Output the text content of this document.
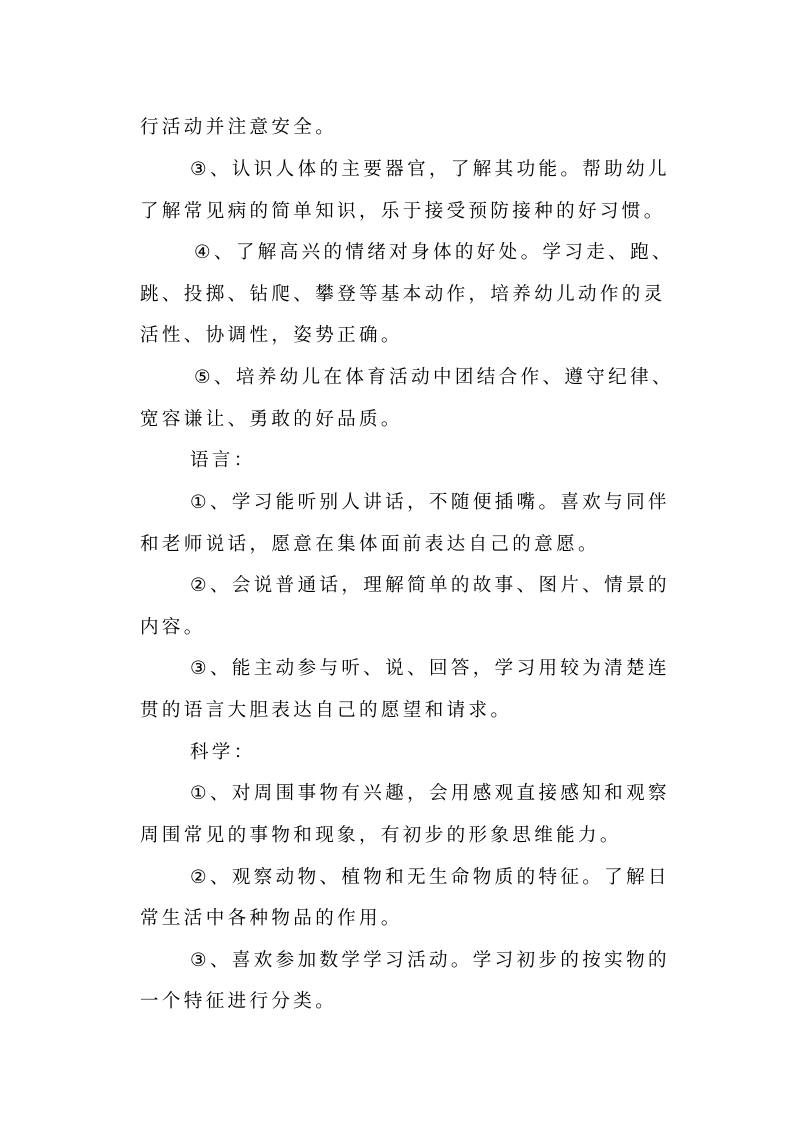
行活动并注意安全。
③、认识人体的主要器官，了解其功能。帮助幼儿
了解常见病的简单知识，乐于接受预防接种的好习惯。
④、了解高兴的情绪对身体的好处。学习走、跑、
跳、投掷、钻爬、攀登等基本动作，培养幼儿动作的灵
活性、协调性，姿势正确。
⑤、培养幼儿在体育活动中团结合作、遵守纪律、
宽容谦让、勇敢的好品质。
语言：
①、学习能听别人讲话，不随便插嘴。喜欢与同伴
和老师说话，愿意在集体面前表达自己的意愿。
②、会说普通话，理解简单的故事、图片、情景的
内容。
③、能主动参与听、说、回答，学习用较为清楚连
贯的语言大胆表达自己的愿望和请求。
科学：
①、对周围事物有兴趣，会用感观直接感知和观察
周围常见的事物和现象，有初步的形象思维能力。
②、观察动物、植物和无生命物质的特征。了解日
常生活中各种物品的作用。
③、喜欢参加数学学习活动。学习初步的按实物的
一个特征进行分类。
